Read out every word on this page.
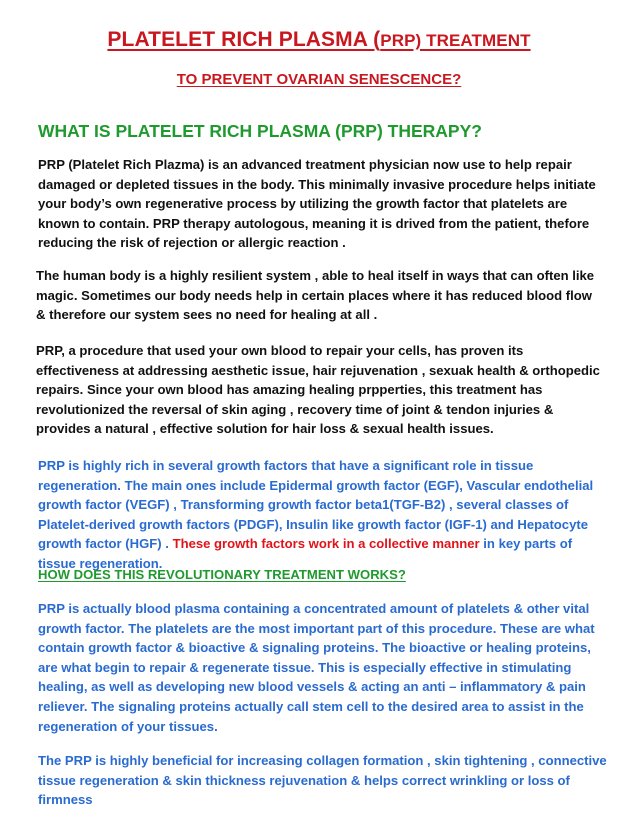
PLATELET RICH PLASMA (PRP) TREATMENT
TO PREVENT OVARIAN SENESCENCE?
WHAT IS PLATELET RICH PLASMA (PRP) THERAPY?

PRP (Platelet Rich Plazma) is an advanced treatment physician now use to help repair damaged or depleted tissues in the body. This minimally invasive procedure helps initiate your body’s own regenerative process by utilizing the growth factor that platelets are known to contain. PRP therapy autologous, meaning it is drived from the patient, thefore reducing the risk of rejection or allergic reaction .

The human body is a highly resilient system , able to heal itself in ways that can often like magic. Sometimes our body needs help in certain places where it has reduced blood flow & therefore our system sees no need for healing at all .

PRP, a procedure that used your own blood to repair your cells, has proven its effectiveness at addressing aesthetic issue, hair rejuvenation , sexuak health & orthopedic repairs. Since your own blood has amazing healing prpperties, this treatment has revolutionized the reversal of skin aging , recovery time of joint & tendon injuries & provides a natural , effective solution for hair loss & sexual health issues.

PRP is highly rich in several growth factors that have a significant role in tissue regeneration. The main ones include Epidermal growth factor (EGF), Vascular endothelial growth factor (VEGF) , Transforming growth factor beta1(TGF-B2) , several classes of Platelet-derived growth factors (PDGF), Insulin like growth factor (IGF-1) and Hepatocyte growth factor (HGF) . These growth factors work in a collective manner in key parts of tissue regeneration.

HOW DOES THIS REVOLUTIONARY TREATMENT WORKS?

PRP is actually blood plasma containing a concentrated amount of platelets & other vital growth factor. The platelets are the most important part of this procedure. These are what contain growth factor & bioactive & signaling proteins. The bioactive or healing proteins, are what begin to repair & regenerate tissue. This is especially effective in stimulating healing, as well as developing new blood vessels & acting an anti – inflammatory & pain reliever. The signaling proteins actually call stem cell to the desired area to assist in the regeneration of your tissues.

The PRP is highly beneficial for increasing collagen formation , skin tightening , connective tissue regeneration & skin thickness rejuvenation & helps correct wrinkling or loss of firmness
